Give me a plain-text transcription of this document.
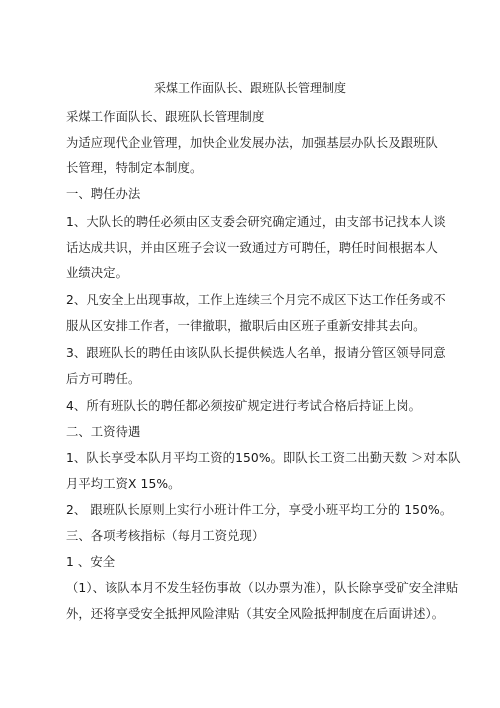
采煤工作面队长、跟班队长管理制度
采煤工作面队长、跟班队长管理制度
为适应现代企业管理，加快企业发展办法，加强基层办队长及跟班队
长管理，特制定本制度。
一、聘任办法
1、大队长的聘任必须由区支委会研究确定通过，由支部书记找本人谈
话达成共识，并由区班子会议一致通过方可聘任，聘任时间根据本人
业绩决定。
2、凡安全上出现事故，工作上连续三个月完不成区下达工作任务或不
服从区安排工作者，一律撤职，撤职后由区班子重新安排其去向。
3、跟班队长的聘任由该队队长提供候选人名单，报请分管区领导同意
后方可聘任。
4、所有班队长的聘任都必须按矿规定进行考试合格后持证上岗。
二、工资待遇
1、队长享受本队月平均工资的150%。即队长工资二出勤天数 ＞对本队
月平均工资X 15%。
2、 跟班队长原则上实行小班计件工分，享受小班平均工分的 150%。
三、各项考核指标（每月工资兑现）
1 、安全
（1）、该队本月不发生轻伤事故（以办票为准），队长除享受矿安全津贴
外，还将享受安全抵押风险津贴（其安全风险抵押制度在后面讲述）。
